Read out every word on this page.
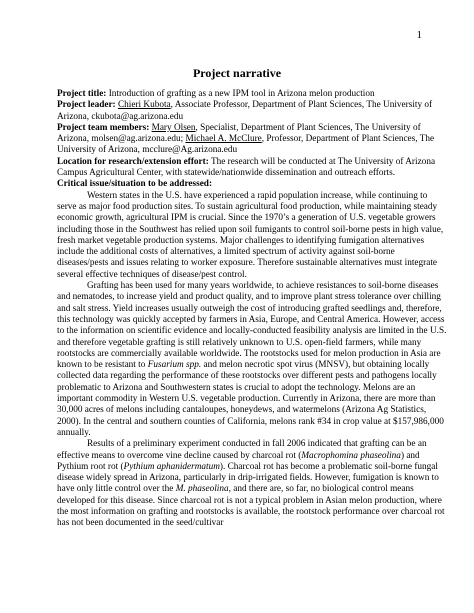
1
Project narrative

Project title: Introduction of grafting as a new IPM tool in Arizona melon production

Project leader: Chieri Kubota, Associate Professor, Department of Plant Sciences, The University of Arizona, ckubota@ag.arizona.edu

Project team members: Mary Olsen, Specialist, Department of Plant Sciences, The University of Arizona, molsen@ag.arizona.edu; Michael A. McClure, Professor, Department of Plant Sciences, The University of Arizona, mcclure@Ag.arizona.edu

Location for research/extension effort: The research will be conducted at The University of Arizona Campus Agricultural Center, with statewide/nationwide dissemination and outreach efforts.

Critical issue/situation to be addressed:

Western states in the U.S. have experienced a rapid population increase, while continuing to serve as major food production sites. To sustain agricultural food production, while maintaining steady economic growth, agricultural IPM is crucial. Since the 1970’s a generation of U.S. vegetable growers including those in the Southwest has relied upon soil fumigants to control soil-borne pests in high value, fresh market vegetable production systems. Major challenges to identifying fumigation alternatives include the additional costs of alternatives, a limited spectrum of activity against soil-borne diseases/pests and issues relating to worker exposure. Therefore sustainable alternatives must integrate several effective techniques of disease/pest control.

Grafting has been used for many years worldwide, to achieve resistances to soil-borne diseases and nematodes, to increase yield and product quality, and to improve plant stress tolerance over chilling and salt stress. Yield increases usually outweigh the cost of introducing grafted seedlings and, therefore, this technology was quickly accepted by farmers in Asia, Europe, and Central America. However, access to the information on scientific evidence and locally-conducted feasibility analysis are limited in the U.S. and therefore vegetable grafting is still relatively unknown to U.S. open-field farmers, while many rootstocks are commercially available worldwide. The rootstocks used for melon production in Asia are known to be resistant to Fusarium spp. and melon necrotic spot virus (MNSV), but obtaining locally collected data regarding the performance of these rootstocks over different pests and pathogens locally problematic to Arizona and Southwestern states is crucial to adopt the technology. Melons are an important commodity in Western U.S. vegetable production. Currently in Arizona, there are more than 30,000 acres of melons including cantaloupes, honeydews, and watermelons (Arizona Ag Statistics, 2000). In the central and southern counties of California, melons rank #34 in crop value at $157,986,000 annually.

Results of a preliminary experiment conducted in fall 2006 indicated that grafting can be an effective means to overcome vine decline caused by charcoal rot (Macrophomina phaseolina) and Pythium root rot (Pythium aphanidermatum). Charcoal rot has become a problematic soil-borne fungal disease widely spread in Arizona, particularly in drip-irrigated fields. However, fumigation is known to have only little control over the M. phaseolina, and there are, so far, no biological control means developed for this disease. Since charcoal rot is not a typical problem in Asian melon production, where the most information on grafting and rootstocks is available, the rootstock performance over charcoal rot has not been documented in the seed/cultivar
